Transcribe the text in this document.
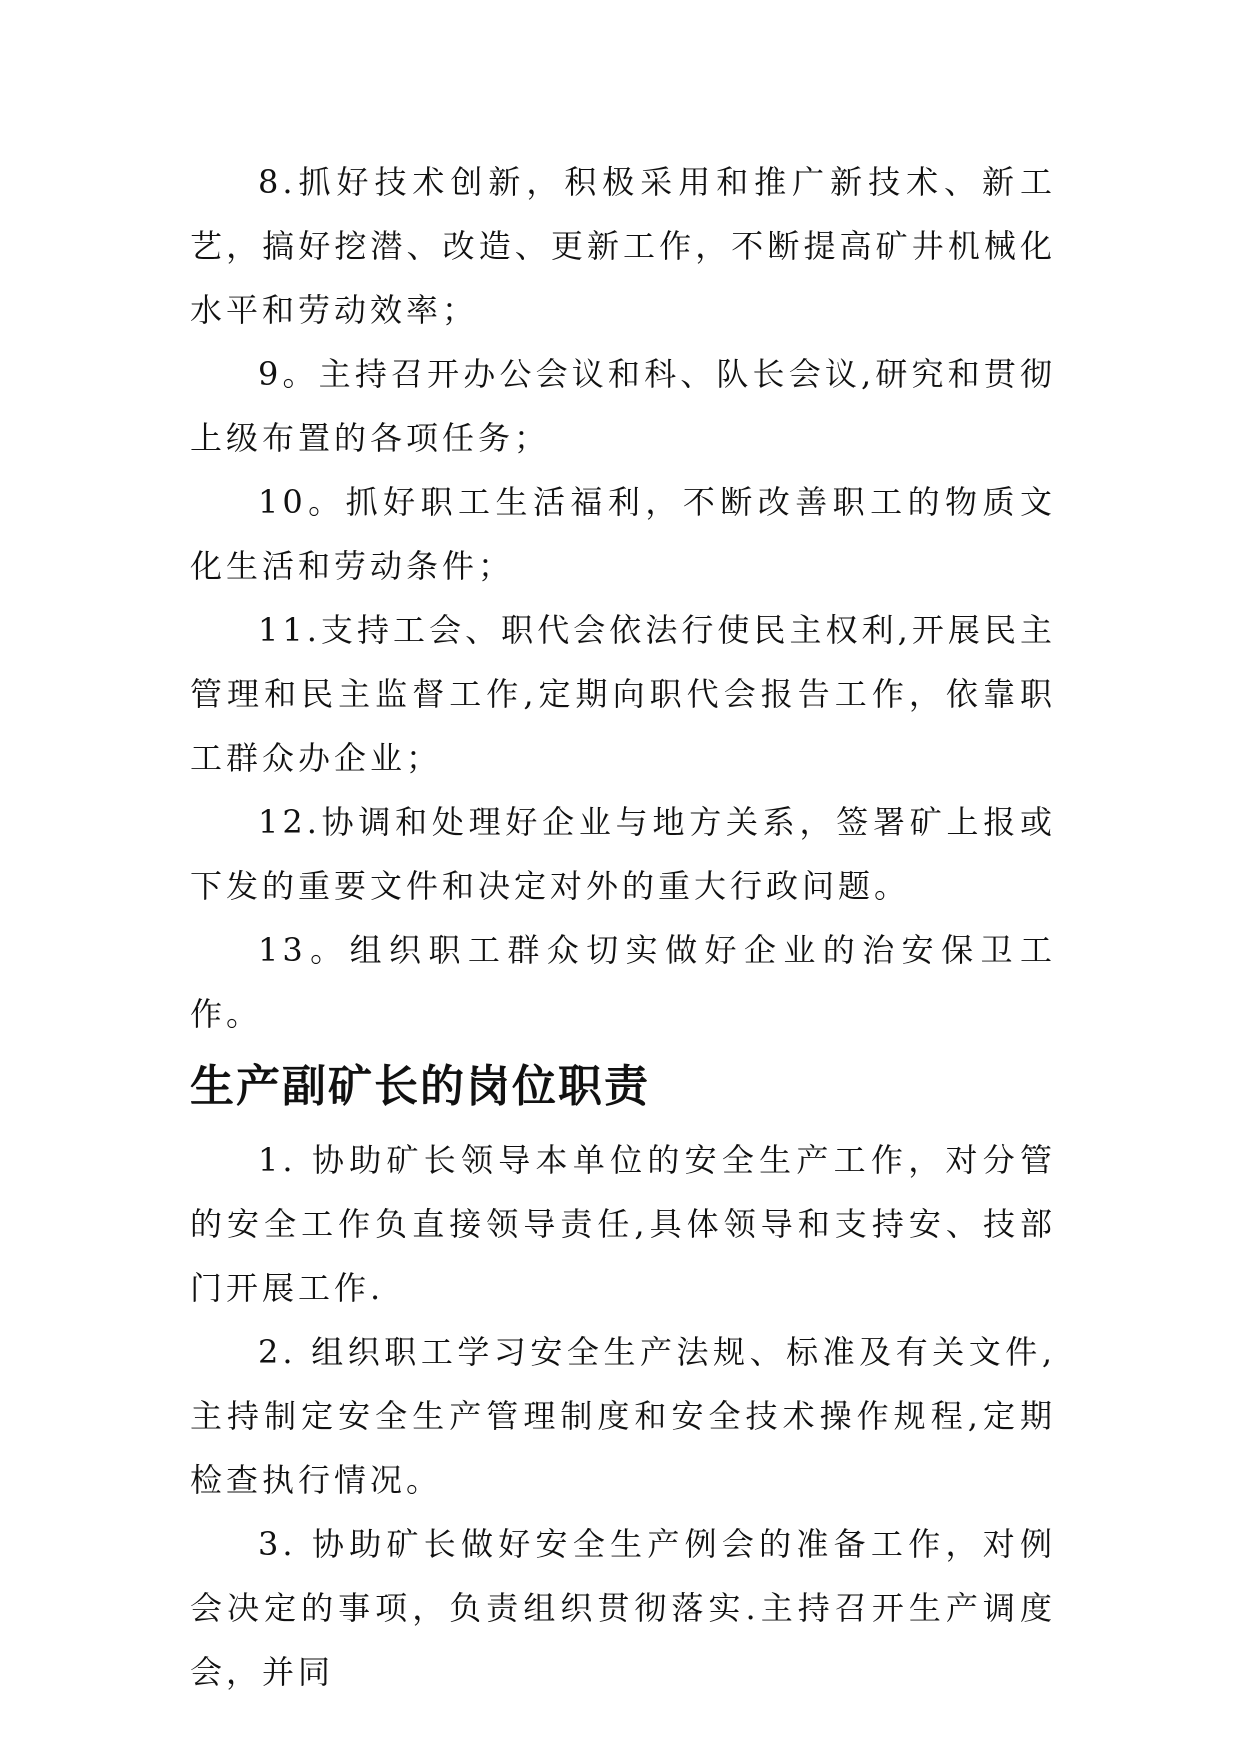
8.抓好技术创新，积极采用和推广新技术、新工艺，搞好挖潜、改造、更新工作，不断提高矿井机械化水平和劳动效率；

9。主持召开办公会议和科、队长会议,研究和贯彻上级布置的各项任务；

10。抓好职工生活福利，不断改善职工的物质文化生活和劳动条件；

11.支持工会、职代会依法行使民主权利,开展民主管理和民主监督工作,定期向职代会报告工作，依靠职工群众办企业；

12.协调和处理好企业与地方关系，签署矿上报或下发的重要文件和决定对外的重大行政问题。

13。组织职工群众切实做好企业的治安保卫工作。

生产副矿长的岗位职责

1. 协助矿长领导本单位的安全生产工作，对分管的安全工作负直接领导责任,具体领导和支持安、技部门开展工作.

2. 组织职工学习安全生产法规、标准及有关文件,主持制定安全生产管理制度和安全技术操作规程,定期检查执行情况。

3. 协助矿长做好安全生产例会的准备工作，对例会决定的事项，负责组织贯彻落实.主持召开生产调度会，并同
